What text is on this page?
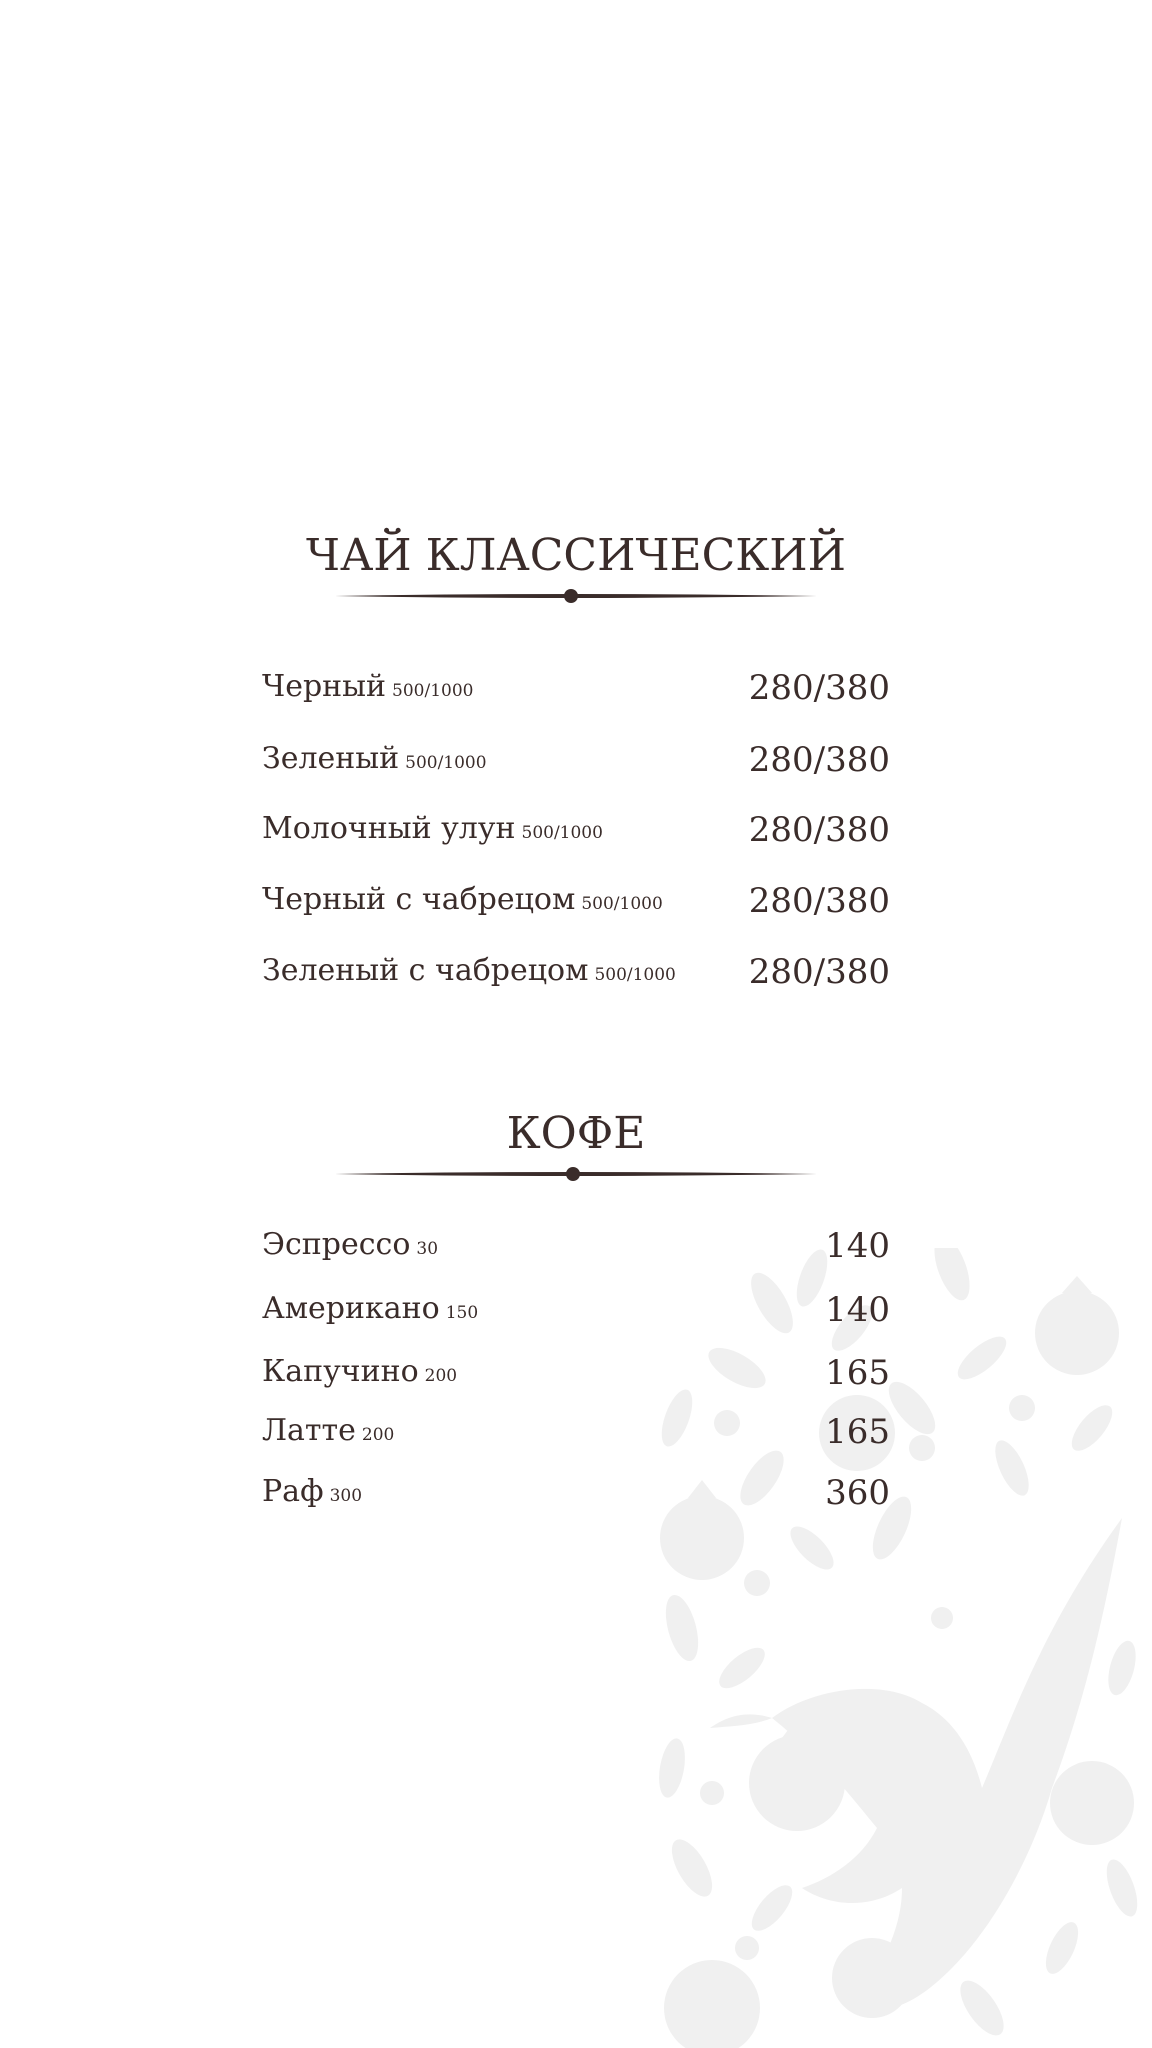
ЧАЙ КЛАССИЧЕСКИЙ
Черный 500/1000	280/380
Зеленый 500/1000	280/380
Молочный улун 500/1000	280/380
Черный с чабрецом 500/1000	280/380
Зеленый с чабрецом 500/1000 280/380
КОФЕ
Эспрессо 30	140
Американо 150	140
Капучино 200	165
Латте 200	165
Раф 300	360
